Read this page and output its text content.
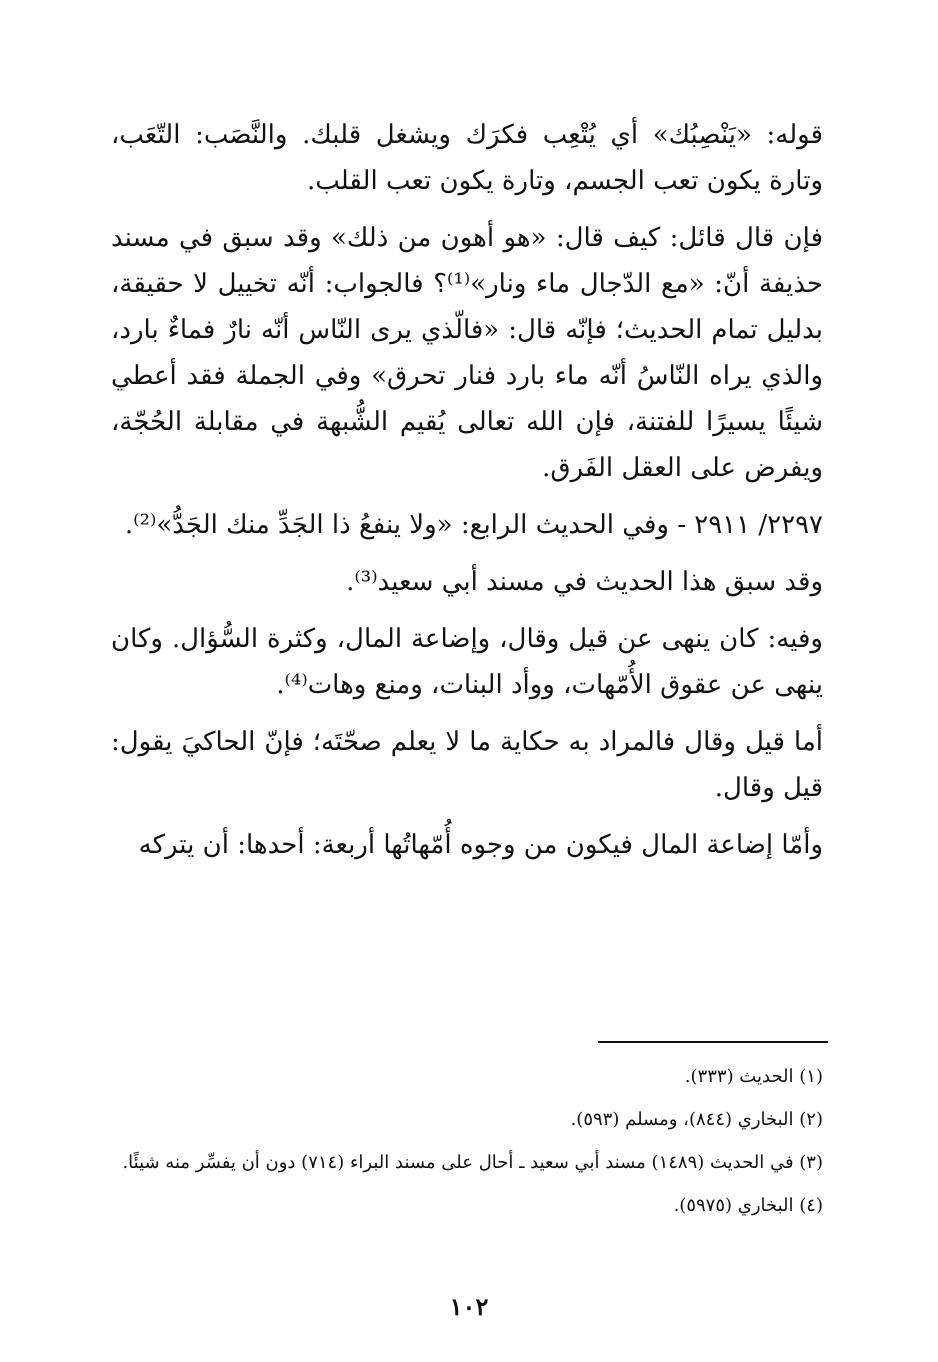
قوله: «يَنْصِبُك» أي يُتْعِب فكرَك ويشغل قلبك. والنَّصَب: التّعَب، وتارة يكون تعب الجسم، وتارة يكون تعب القلب.

فإن قال قائل: كيف قال: «هو أهون من ذلك» وقد سبق في مسند حذيفة أنّ: «مع الدّجال ماء ونار»⁽¹⁾؟ فالجواب: أنّه تخييل لا حقيقة، بدليل تمام الحديث؛ فإنّه قال: «فالّذي يرى النّاس أنّه نارٌ فماءٌ بارد، والذي يراه النّاسُ أنّه ماء بارد فنار تحرق» وفي الجملة فقد أعطي شيئًا يسيرًا للفتنة، فإن الله تعالى يُقيم الشُّبهة في مقابلة الحُجّة، ويفرض على العقل الفَرق.

٢٢٩٧/ ٢٩١١ - وفي الحديث الرابع: «ولا ينفعُ ذا الجَدِّ منك الجَدُّ»⁽²⁾.

وقد سبق هذا الحديث في مسند أبي سعيد⁽³⁾.

وفيه: كان ينهى عن قيل وقال، وإضاعة المال، وكثرة السُّؤال. وكان ينهى عن عقوق الأُمّهات، ووأد البنات، ومنع وهات⁽⁴⁾.

أما قيل وقال فالمراد به حكاية ما لا يعلم صحّتَه؛ فإنّ الحاكيَ يقول: قيل وقال.

وأمّا إضاعة المال فيكون من وجوه أُمّهاتُها أربعة: أحدها: أن يتركه

(١) الحديث (٣٣٣).

(٢) البخاري (٨٤٤)، ومسلم (٥٩٣).

(٣) في الحديث (١٤٨٩) مسند أبي سعيد ـ أحال على مسند البراء (٧١٤) دون أن يفسِّر منه شيئًا.

(٤) البخاري (٥٩٧٥).

١٠٢
